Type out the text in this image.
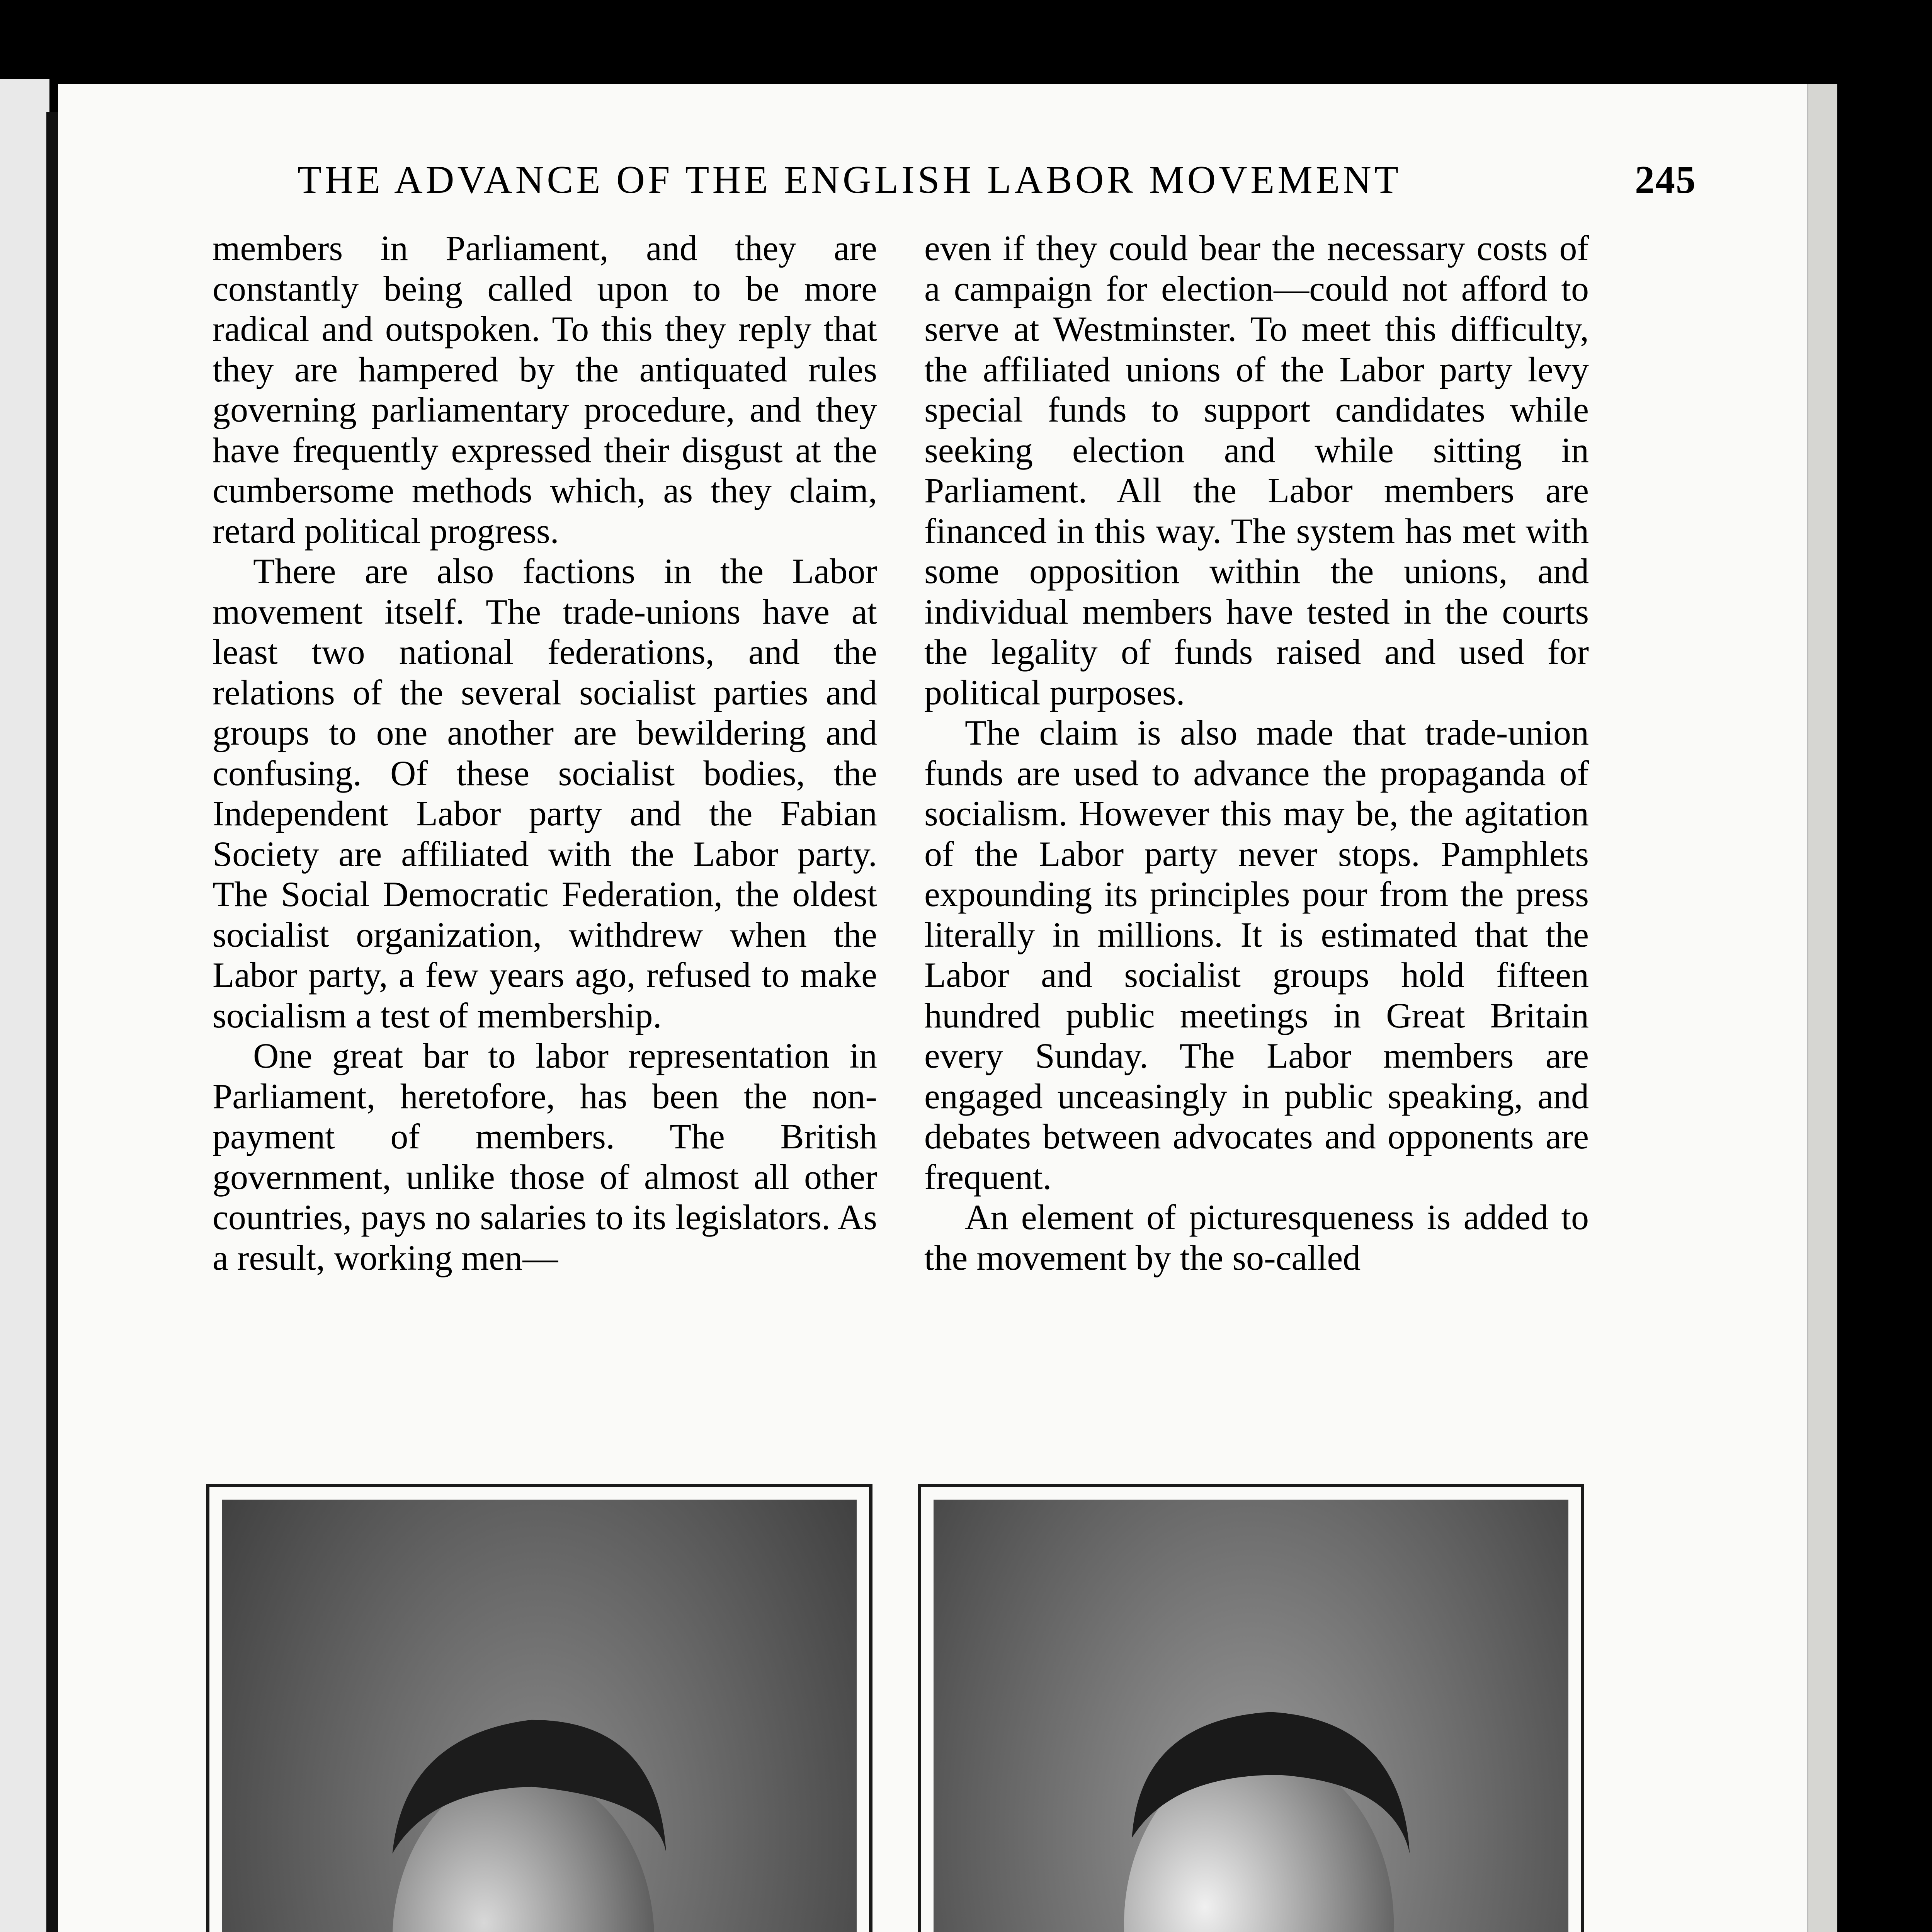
THE ADVANCE OF THE ENGLISH LABOR MOVEMENT	245

members in Parliament, and they are constantly being called upon to be more radical and outspoken. To this they reply that they are hampered by the antiquated rules governing parliamentary procedure, and they have frequently expressed their disgust at the cumbersome methods which, as they claim, retard political progress.

There are also factions in the Labor movement itself. The trade-unions have at least two national federations, and the relations of the several socialist parties and groups to one another are bewildering and confusing. Of these socialist bodies, the Independent Labor party and the Fabian Society are affiliated with the Labor party. The Social Democratic Federation, the oldest socialist organization, withdrew when the Labor party, a few years ago, refused to make socialism a test of membership.

One great bar to labor representation in Parliament, heretofore, has been the non-payment of members. The British government, unlike those of almost all other countries, pays no salaries to its legislators. As a result, working men—

even if they could bear the necessary costs of a campaign for election—could not afford to serve at Westminster. To meet this difficulty, the affiliated unions of the Labor party levy special funds to support candidates while seeking election and while sitting in Parliament. All the Labor members are financed in this way. The system has met with some opposition within the unions, and individual members have tested in the courts the legality of funds raised and used for political purposes.

The claim is also made that trade-union funds are used to advance the propaganda of socialism. However this may be, the agitation of the Labor party never stops. Pamphlets expounding its principles pour from the press literally in millions. It is estimated that the Labor and socialist groups hold fifteen hundred public meetings in Great Britain every Sunday. The Labor members are engaged unceasingly in public speaking, and debates between advocates and opponents are frequent.

An element of picturesqueness is added to the movement by the so-called
